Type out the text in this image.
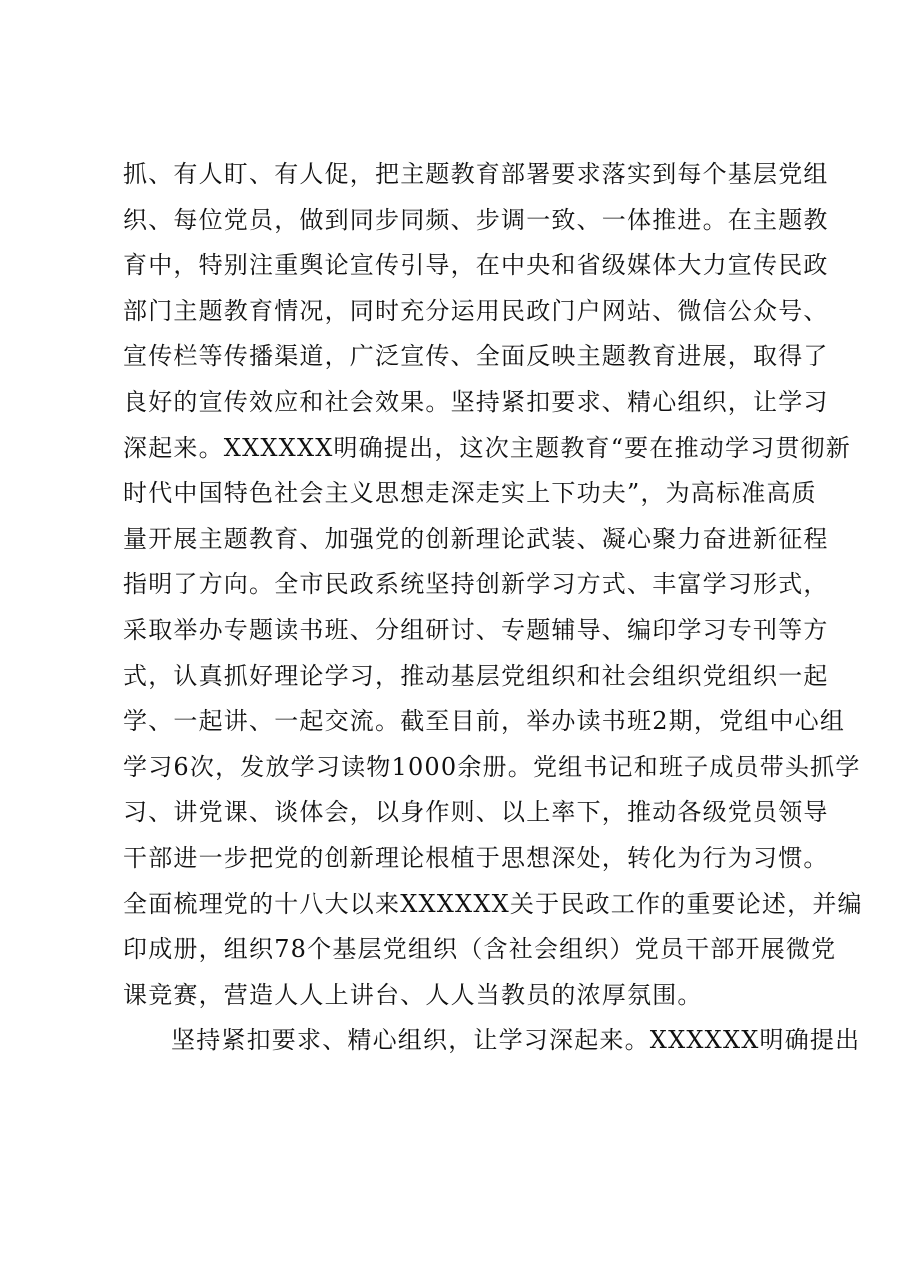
抓、有人盯、有人促，把主题教育部署要求落实到每个基层党组
织、每位党员，做到同步同频、步调一致、一体推进。在主题教
育中，特别注重舆论宣传引导，在中央和省级媒体大力宣传民政
部门主题教育情况，同时充分运用民政门户网站、微信公众号、
宣传栏等传播渠道，广泛宣传、全面反映主题教育进展，取得了
良好的宣传效应和社会效果。坚持紧扣要求、精心组织，让学习
深起来。XXXXXX明确提出，这次主题教育“要在推动学习贯彻新
时代中国特色社会主义思想走深走实上下功夫”，为高标准高质
量开展主题教育、加强党的创新理论武装、凝心聚力奋进新征程
指明了方向。全市民政系统坚持创新学习方式、丰富学习形式，
采取举办专题读书班、分组研讨、专题辅导、编印学习专刊等方
式，认真抓好理论学习，推动基层党组织和社会组织党组织一起
学、一起讲、一起交流。截至目前，举办读书班2期，党组中心组
学习6次，发放学习读物1000余册。党组书记和班子成员带头抓学
习、讲党课、谈体会，以身作则、以上率下，推动各级党员领导
干部进一步把党的创新理论根植于思想深处，转化为行为习惯。
全面梳理党的十八大以来XXXXXX关于民政工作的重要论述，并编
印成册，组织78个基层党组织（含社会组织）党员干部开展微党
课竞赛，营造人人上讲台、人人当教员的浓厚氛围。
坚持紧扣要求、精心组织，让学习深起来。XXXXXX明确提出
